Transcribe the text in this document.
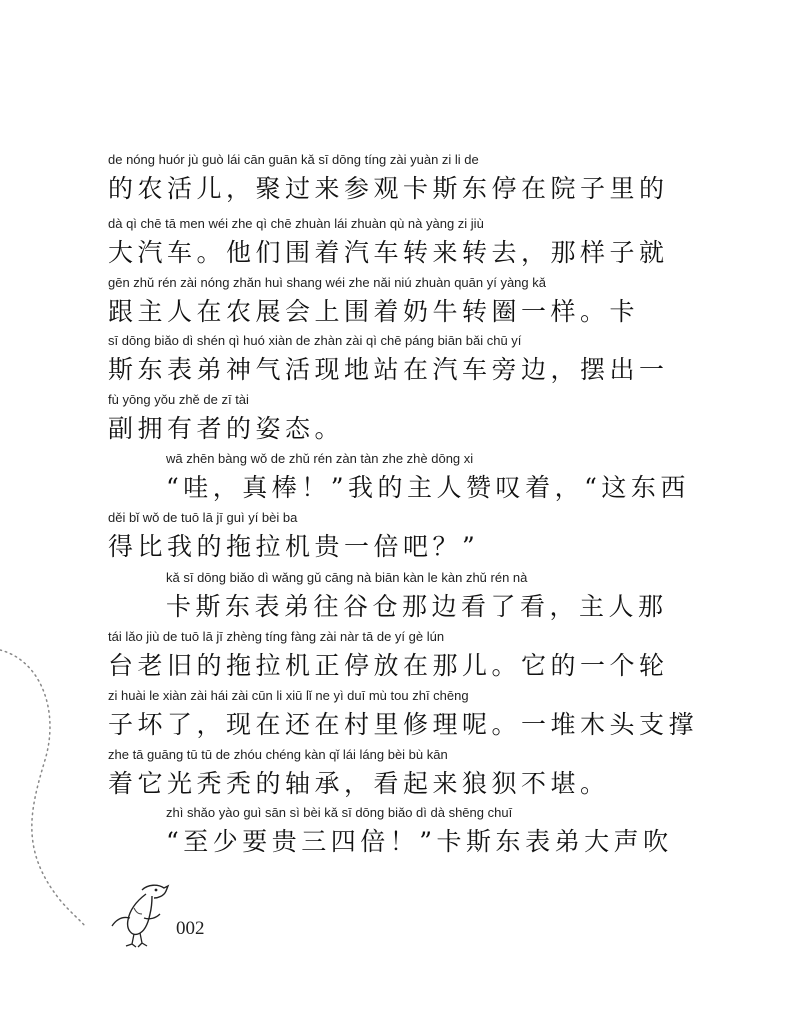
de nóng huór jù guò lái cān guān kǎ sī dōng tíng zài yuàn zi li de
的农活儿，聚过来参观卡斯东停在院子里的
dà qì chē tā men wéi zhe qì chē zhuàn lái zhuàn qù nà yàng zi jiù
大汽车。他们围着汽车转来转去，那样子就
gēn zhǔ rén zài nóng zhǎn huì shang wéi zhe nǎi niú zhuàn quān yí yàng kǎ
跟主人在农展会上围着奶牛转圈一样。卡
sī dōng biǎo dì shén qì huó xiàn de zhàn zài qì chē páng biān bǎi chū yí
斯东表弟神气活现地站在汽车旁边，摆出一
fù yōng yǒu zhě de zī tài
副拥有者的姿态。
wā zhēn bàng wǒ de zhǔ rén zàn tàn zhe zhè dōng xi
“哇，真棒！”我的主人赞叹着，“这东西
děi bǐ wǒ de tuō lā jī guì yí bèi ba
得比我的拖拉机贵一倍吧？”
kǎ sī dōng biǎo dì wǎng gǔ cāng nà biān kàn le kàn zhǔ rén nà
卡斯东表弟往谷仓那边看了看，主人那
tái lǎo jiù de tuō lā jī zhèng tíng fàng zài nàr tā de yí gè lún
台老旧的拖拉机正停放在那儿。它的一个轮
zi huài le xiàn zài hái zài cūn li xiū lǐ ne yì duī mù tou zhī chēng
子坏了，现在还在村里修理呢。一堆木头支撑
zhe tā guāng tū tū de zhóu chéng kàn qǐ lái láng bèi bù kān
着它光秃秃的轴承，看起来狼狈不堪。
zhì shǎo yào guì sān sì bèi kǎ sī dōng biǎo dì dà shēng chuī
“至少要贵三四倍！”卡斯东表弟大声吹
002
